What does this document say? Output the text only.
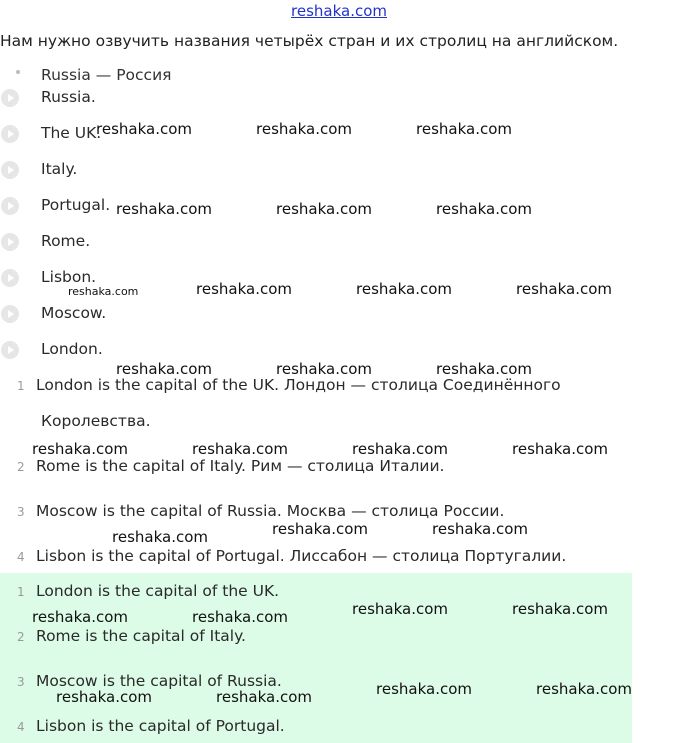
reshaka.com
Нам нужно озвучить названия четырёх стран и их стролиц на английском.
Russia — Россия
Russia.
The UK.
Italy.
Portugal.
Rome.
Lisbon.
Moscow.
London.
1 London is the capital of the UK. Лондон — столица Соединённого
Королевства.
2 Rome is the capital of Italy. Рим — столица Италии.
3 Moscow is the capital of Russia. Москва — столица России.
4 Lisbon is the capital of Portugal. Лиссабон — столица Португалии.
1 London is the capital of the UK.
2 Rome is the capital of Italy.
3 Moscow is the capital of Russia.
4 Lisbon is the capital of Portugal.
reshaka.com	reshaka.com	reshaka.com
reshaka.com	reshaka.com	reshaka.com
reshaka.com	reshaka.com	reshaka.com	reshaka.com
reshaka.com	reshaka.com	reshaka.com
reshaka.com	reshaka.com	reshaka.com	reshaka.com
reshaka.com	reshaka.com	reshaka.com
reshaka.com	reshaka.com	reshaka.com	reshaka.com
reshaka.com	reshaka.com	reshaka.com	reshaka.com
